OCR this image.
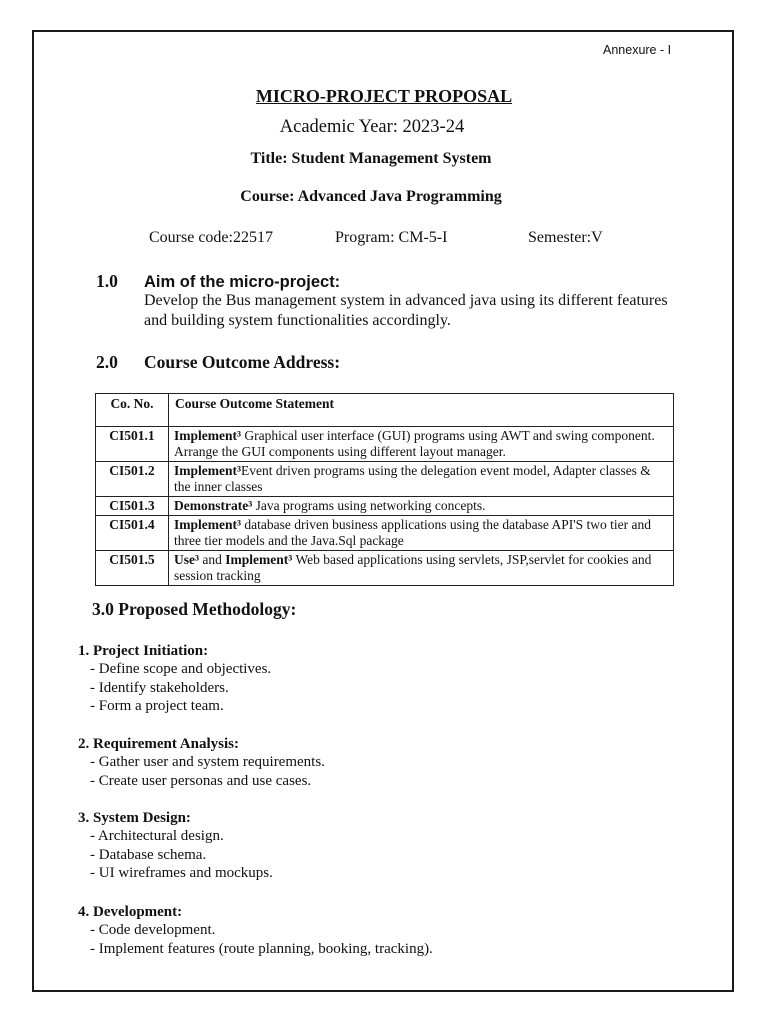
Annexure - I
MICRO-PROJECT PROPOSAL
Academic Year: 2023-24
Title: Student Management System
Course: Advanced Java Programming
Course code:22517	Program: CM-5-I	Semester:V
1.0 Aim of the micro-project:
Develop the Bus management system in advanced java using its different features and building system functionalities accordingly.
2.0 Course Outcome Address:
Co. No.	Course Outcome Statement
CI501.1	Implement³ Graphical user interface (GUI) programs using AWT and swing component. Arrange the GUI components using different layout manager.
CI501.2	Implement³Event driven programs using the delegation event model, Adapter classes & the inner classes
CI501.3	Demonstrate³ Java programs using networking concepts.
CI501.4	Implement³ database driven business applications using the database API'S two tier and three tier models and the Java.Sql package
CI501.5	Use³ and Implement³ Web based applications using servlets, JSP,servlet for cookies and session tracking
3.0 Proposed Methodology:
1. Project Initiation:
- Define scope and objectives.
- Identify stakeholders.
- Form a project team.
2. Requirement Analysis:
- Gather user and system requirements.
- Create user personas and use cases.
3. System Design:
- Architectural design.
- Database schema.
- UI wireframes and mockups.
4. Development:
- Code development.
- Implement features (route planning, booking, tracking).
